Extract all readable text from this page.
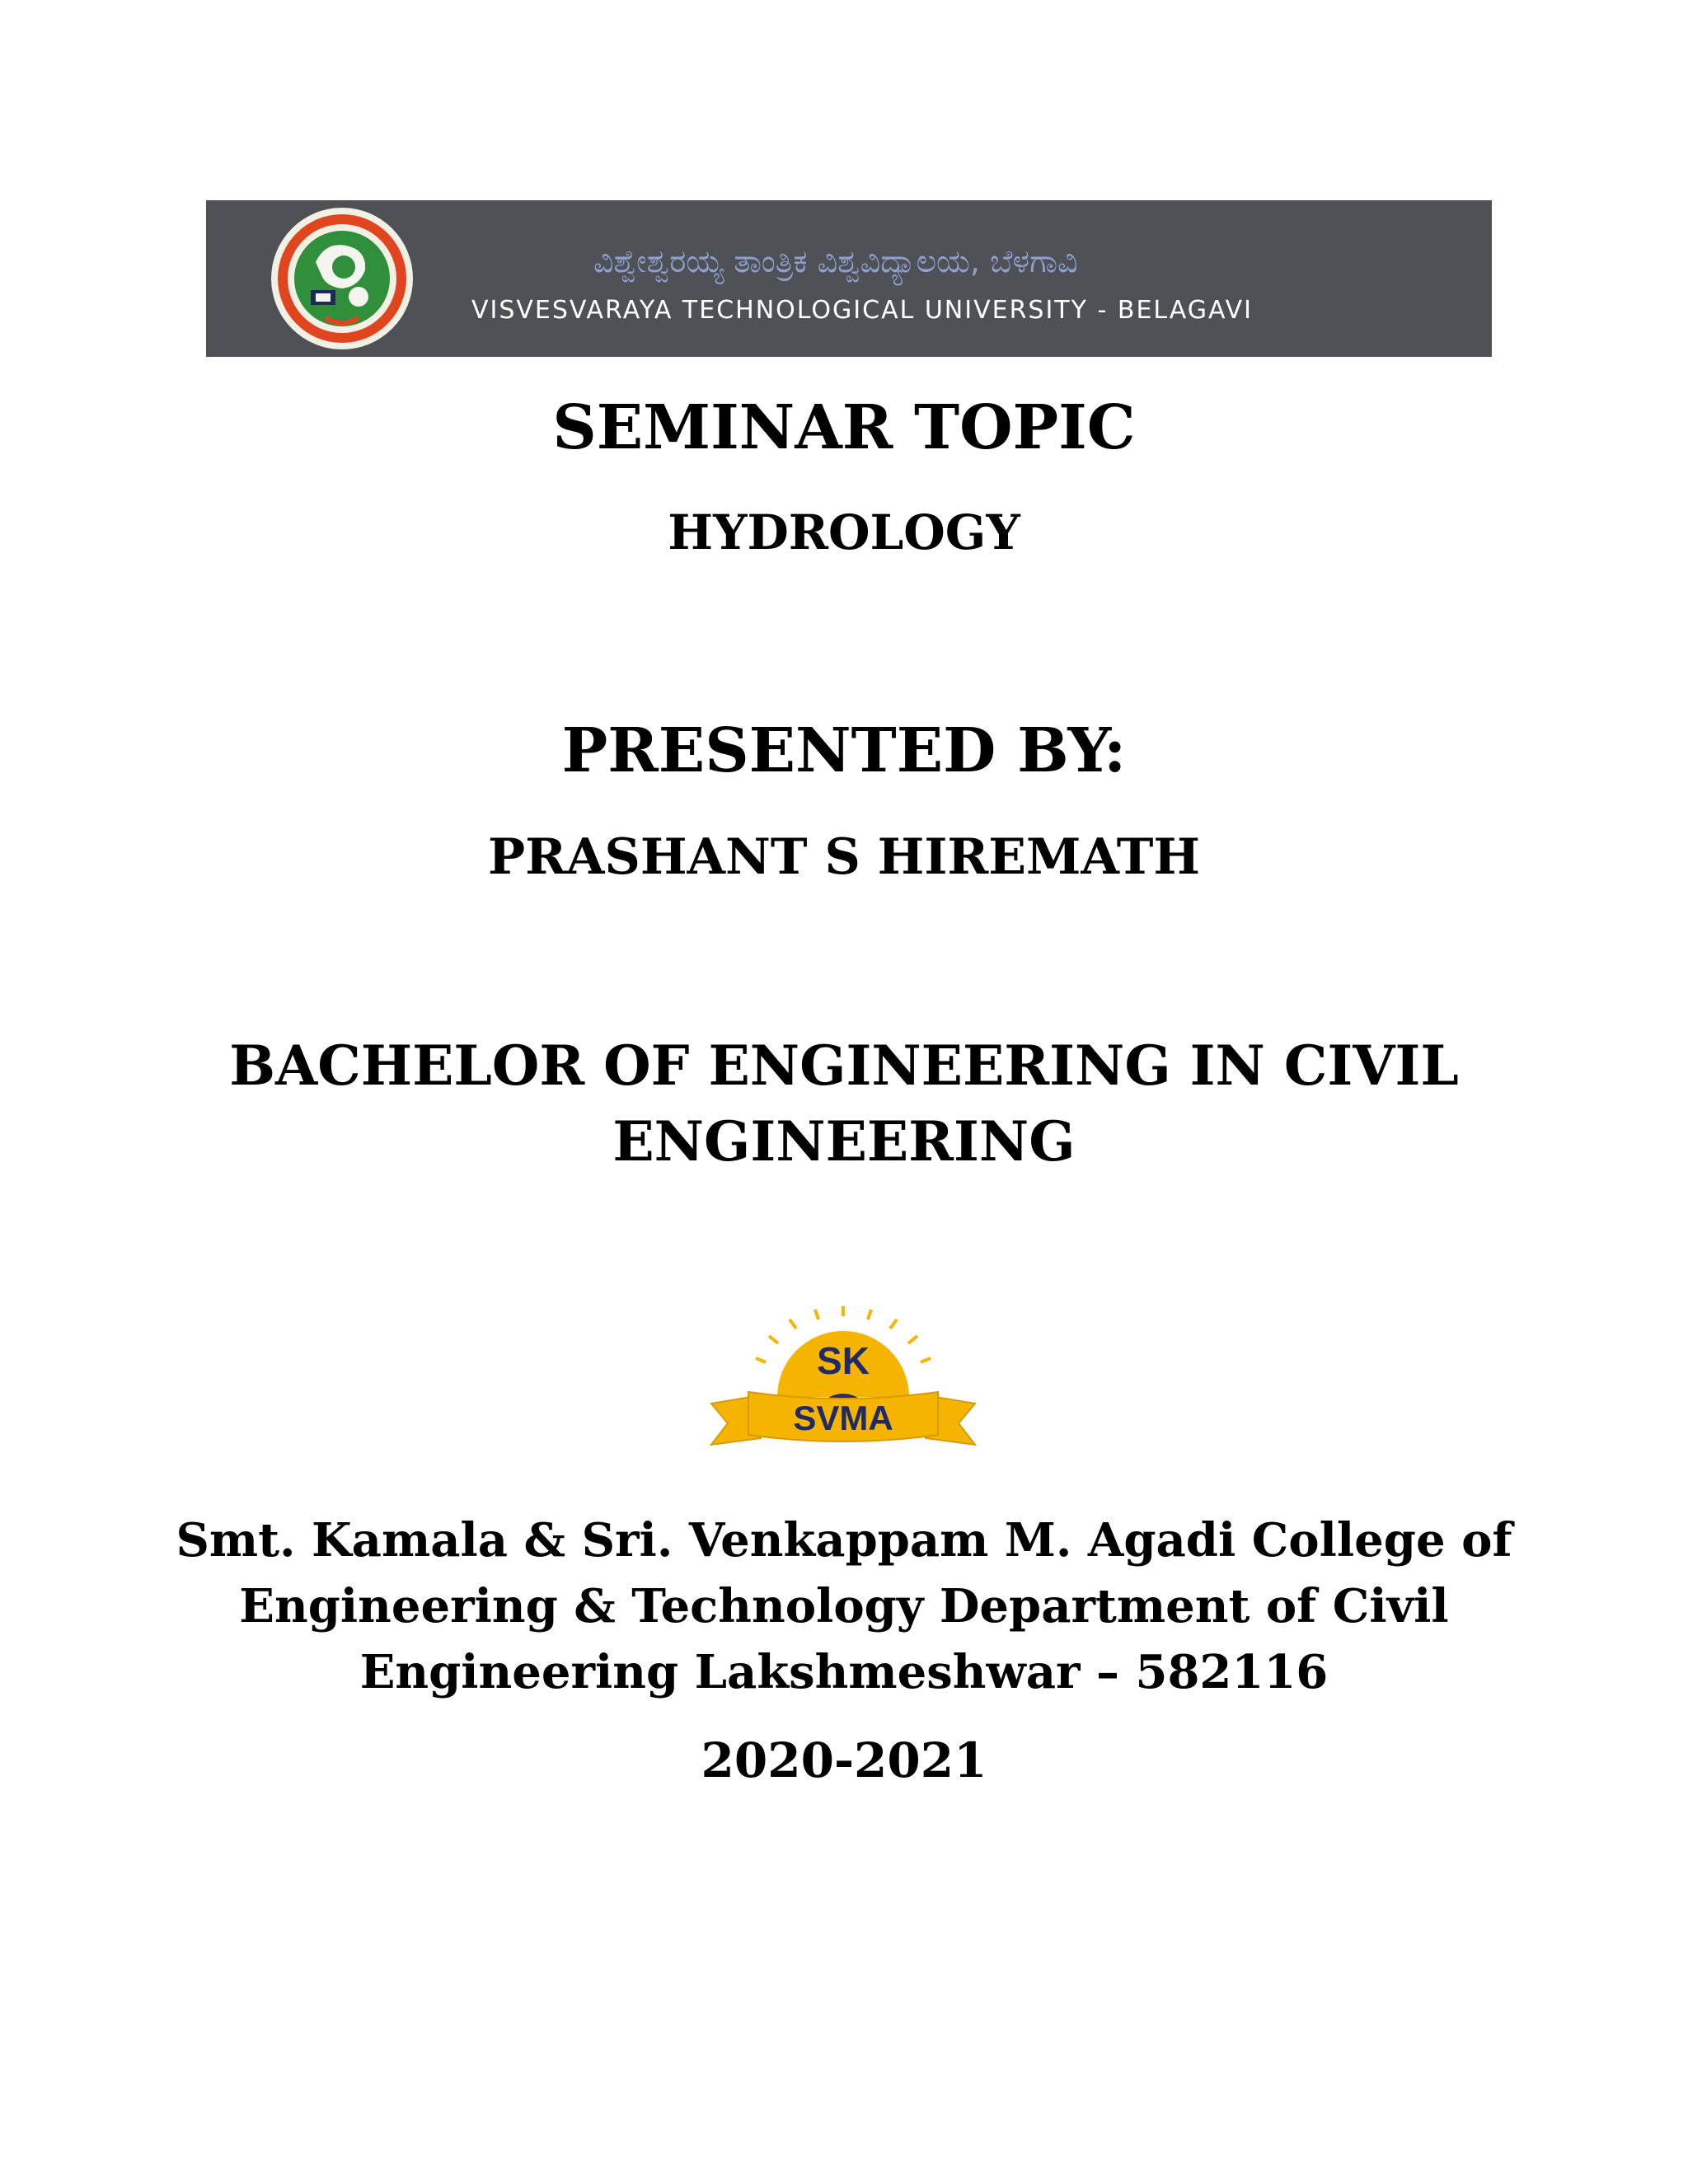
ವಿಶ್ವೇಶ್ವರಯ್ಯ ತಾಂತ್ರಿಕ ವಿಶ್ವವಿದ್ಯಾಲಯ, ಬೆಳಗಾವಿ
VISVESVARAYA TECHNOLOGICAL UNIVERSITY - BELAGAVI
SEMINAR TOPIC
HYDROLOGY
PRESENTED BY:
PRASHANT S HIREMATH
BACHELOR OF ENGINEERING IN CIVIL
ENGINEERING
SK
SVMA
Smt. Kamala & Sri. Venkappam M. Agadi College of
Engineering & Technology Department of Civil
Engineering Lakshmeshwar – 582116
2020-2021
